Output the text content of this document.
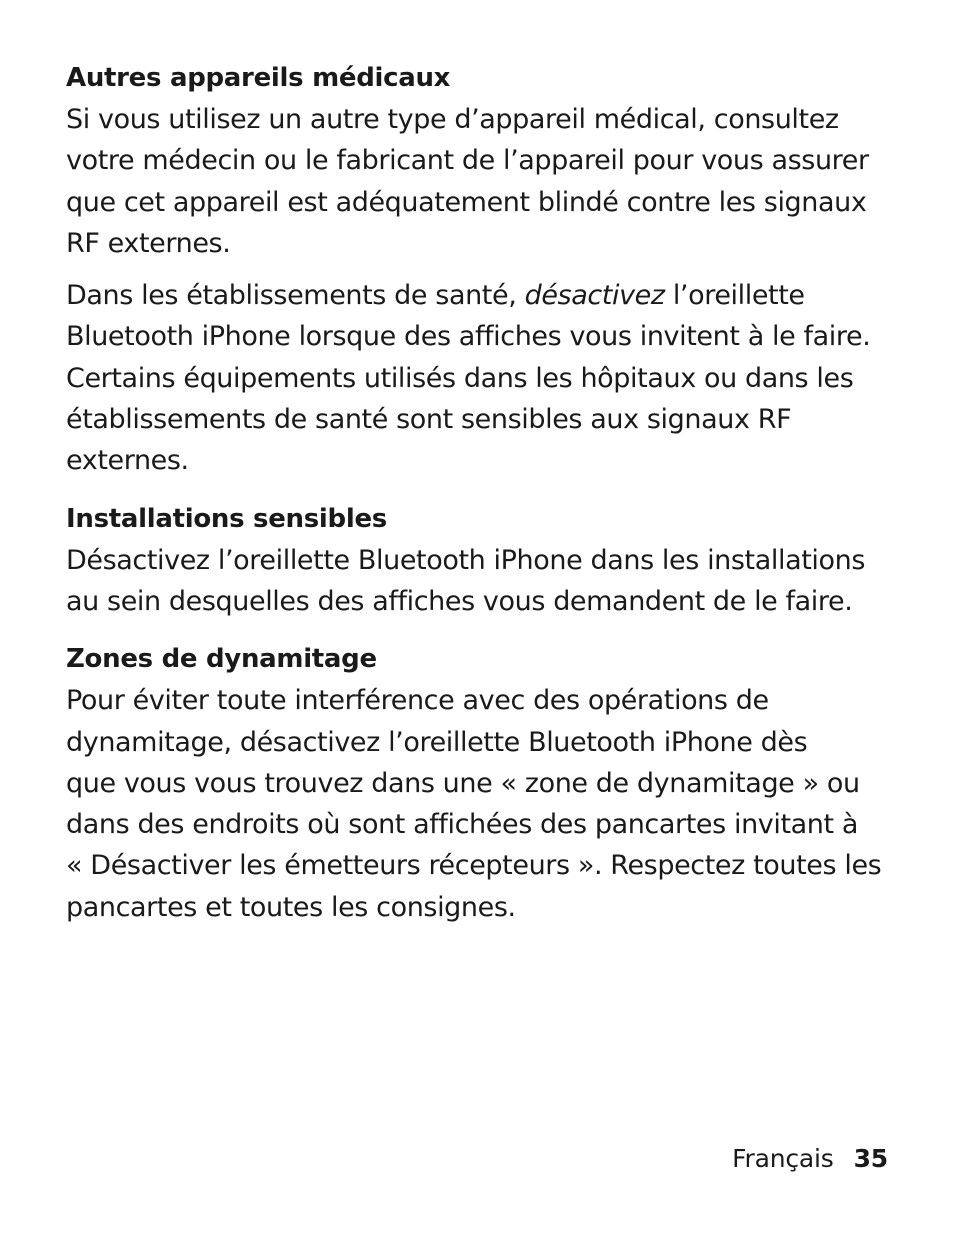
Autres appareils médicaux

Si vous utilisez un autre type d’appareil médical, consultez
votre médecin ou le fabricant de l’appareil pour vous assurer
que cet appareil est adéquatement blindé contre les signaux
RF externes.

Dans les établissements de santé, désactivez l’oreillette
Bluetooth iPhone lorsque des affiches vous invitent à le faire.
Certains équipements utilisés dans les hôpitaux ou dans les
établissements de santé sont sensibles aux signaux RF externes.

Installations sensibles

Désactivez l’oreillette Bluetooth iPhone dans les installations
au sein desquelles des affiches vous demandent de le faire.

Zones de dynamitage

Pour éviter toute interférence avec des opérations de
dynamitage, désactivez l’oreillette Bluetooth iPhone dès
que vous vous trouvez dans une « zone de dynamitage » ou
dans des endroits où sont affichées des pancartes invitant à
« Désactiver les émetteurs récepteurs ». Respectez toutes les
pancartes et toutes les consignes.

Français 35
